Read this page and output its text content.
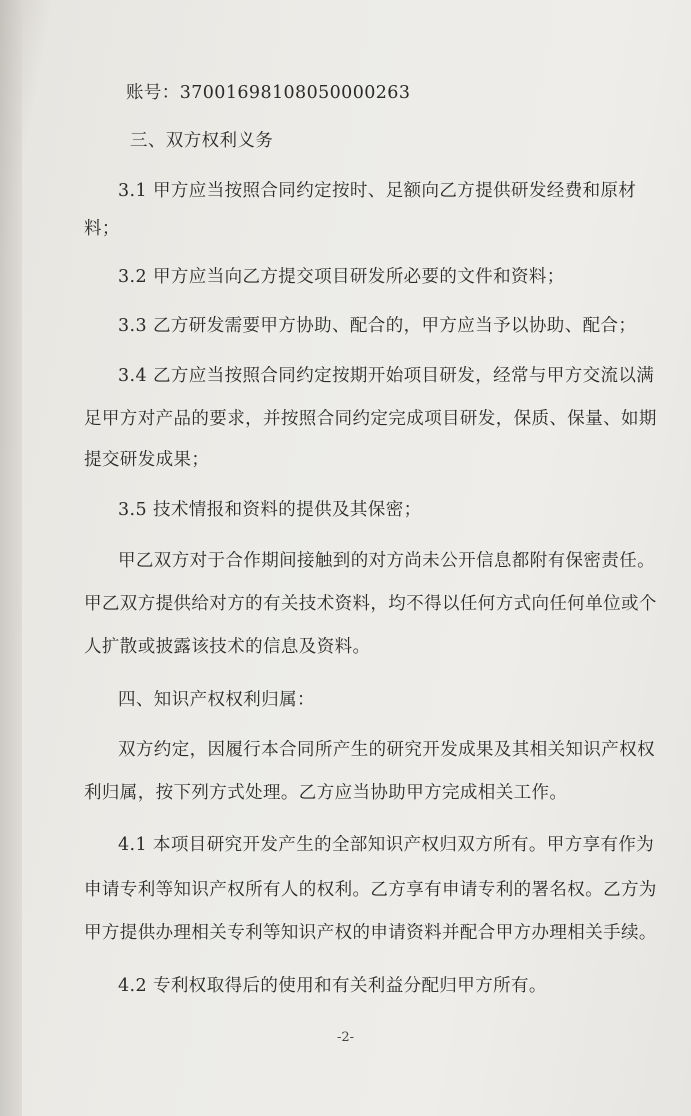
账号：37001698108050000263
三、双方权利义务
3.1 甲方应当按照合同约定按时、足额向乙方提供研发经费和原材
料；
3.2 甲方应当向乙方提交项目研发所必要的文件和资料；
3.3 乙方研发需要甲方协助、配合的，甲方应当予以协助、配合；
3.4 乙方应当按照合同约定按期开始项目研发，经常与甲方交流以满
足甲方对产品的要求，并按照合同约定完成项目研发，保质、保量、如期
提交研发成果；
3.5 技术情报和资料的提供及其保密；
甲乙双方对于合作期间接触到的对方尚未公开信息都附有保密责任。
甲乙双方提供给对方的有关技术资料，均不得以任何方式向任何单位或个
人扩散或披露该技术的信息及资料。
四、知识产权权利归属：
双方约定，因履行本合同所产生的研究开发成果及其相关知识产权权
利归属，按下列方式处理。乙方应当协助甲方完成相关工作。
4.1 本项目研究开发产生的全部知识产权归双方所有。甲方享有作为
申请专利等知识产权所有人的权利。乙方享有申请专利的署名权。乙方为
甲方提供办理相关专利等知识产权的申请资料并配合甲方办理相关手续。
4.2 专利权取得后的使用和有关利益分配归甲方所有。
-2-
